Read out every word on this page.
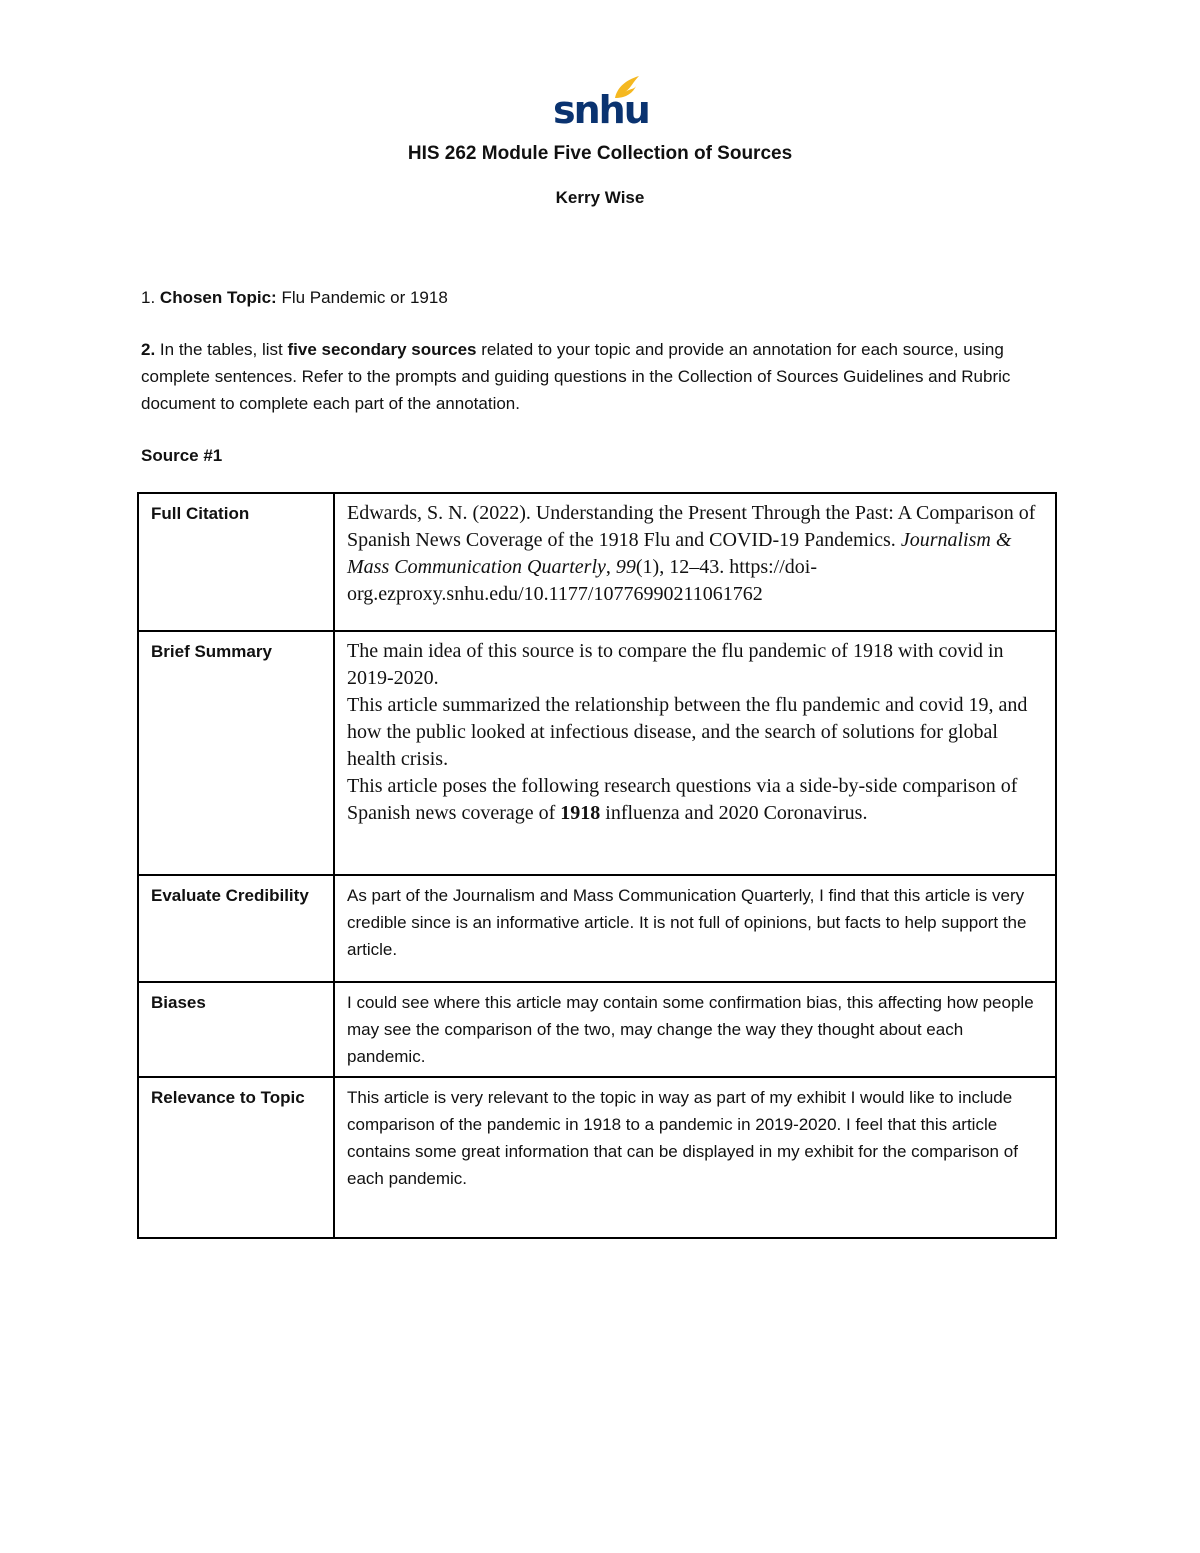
snhu
HIS 262 Module Five Collection of Sources
Kerry Wise
1. Chosen Topic: Flu Pandemic or 1918
2. In the tables, list five secondary sources related to your topic and provide an annotation for each source, using complete sentences. Refer to the prompts and guiding questions in the Collection of Sources Guidelines and Rubric document to complete each part of the annotation.
Source #1
Full Citation	Edwards, S. N. (2022). Understanding the Present Through the Past: A Comparison of Spanish News Coverage of the 1918 Flu and COVID-19 Pandemics. Journalism & Mass Communication Quarterly, 99(1), 12–43. https://doi-org.ezproxy.snhu.edu/10.1177/10776990211061762
Brief Summary	The main idea of this source is to compare the flu pandemic of 1918 with covid in 2019-2020.
This article summarized the relationship between the flu pandemic and covid 19, and how the public looked at infectious disease, and the search of solutions for global health crisis.
This article poses the following research questions via a side-by-side comparison of Spanish news coverage of 1918 influenza and 2020 Coronavirus.

Evaluate Credibility	As part of the Journalism and Mass Communication Quarterly, I find that this article is very credible since is an informative article. It is not full of opinions, but facts to help support the article.
Biases	I could see where this article may contain some confirmation bias, this affecting how people may see the comparison of the two, may change the way they thought about each pandemic.
Relevance to Topic	This article is very relevant to the topic in way as part of my exhibit I would like to include comparison of the pandemic in 1918 to a pandemic in 2019-2020. I feel that this article contains some great information that can be displayed in my exhibit for the comparison of each pandemic.
